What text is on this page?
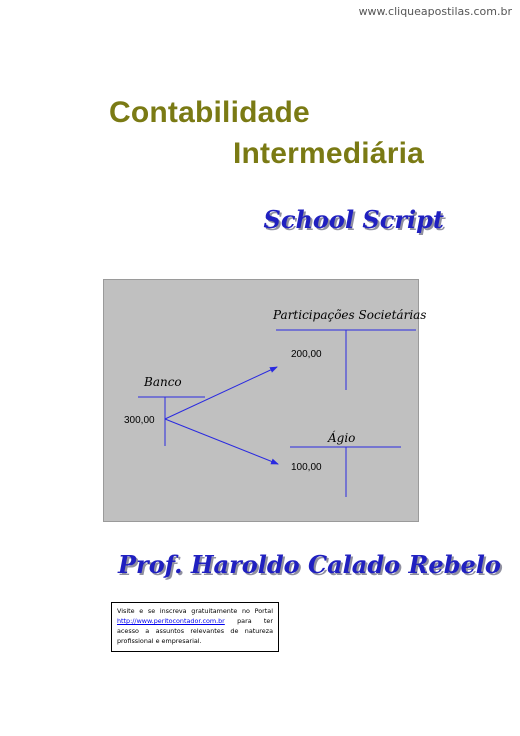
www.cliqueapostilas.com.br
Contabilidade
Intermediária
School Script
Banco
300,00
Participações Societárias
200,00
Ágio
100,00
Prof. Haroldo Calado Rebelo
Visite e se inscreva gratuitamente no Portal http://www.peritocontador.com.br para ter acesso a assuntos relevantes de natureza profissional e empresarial.
